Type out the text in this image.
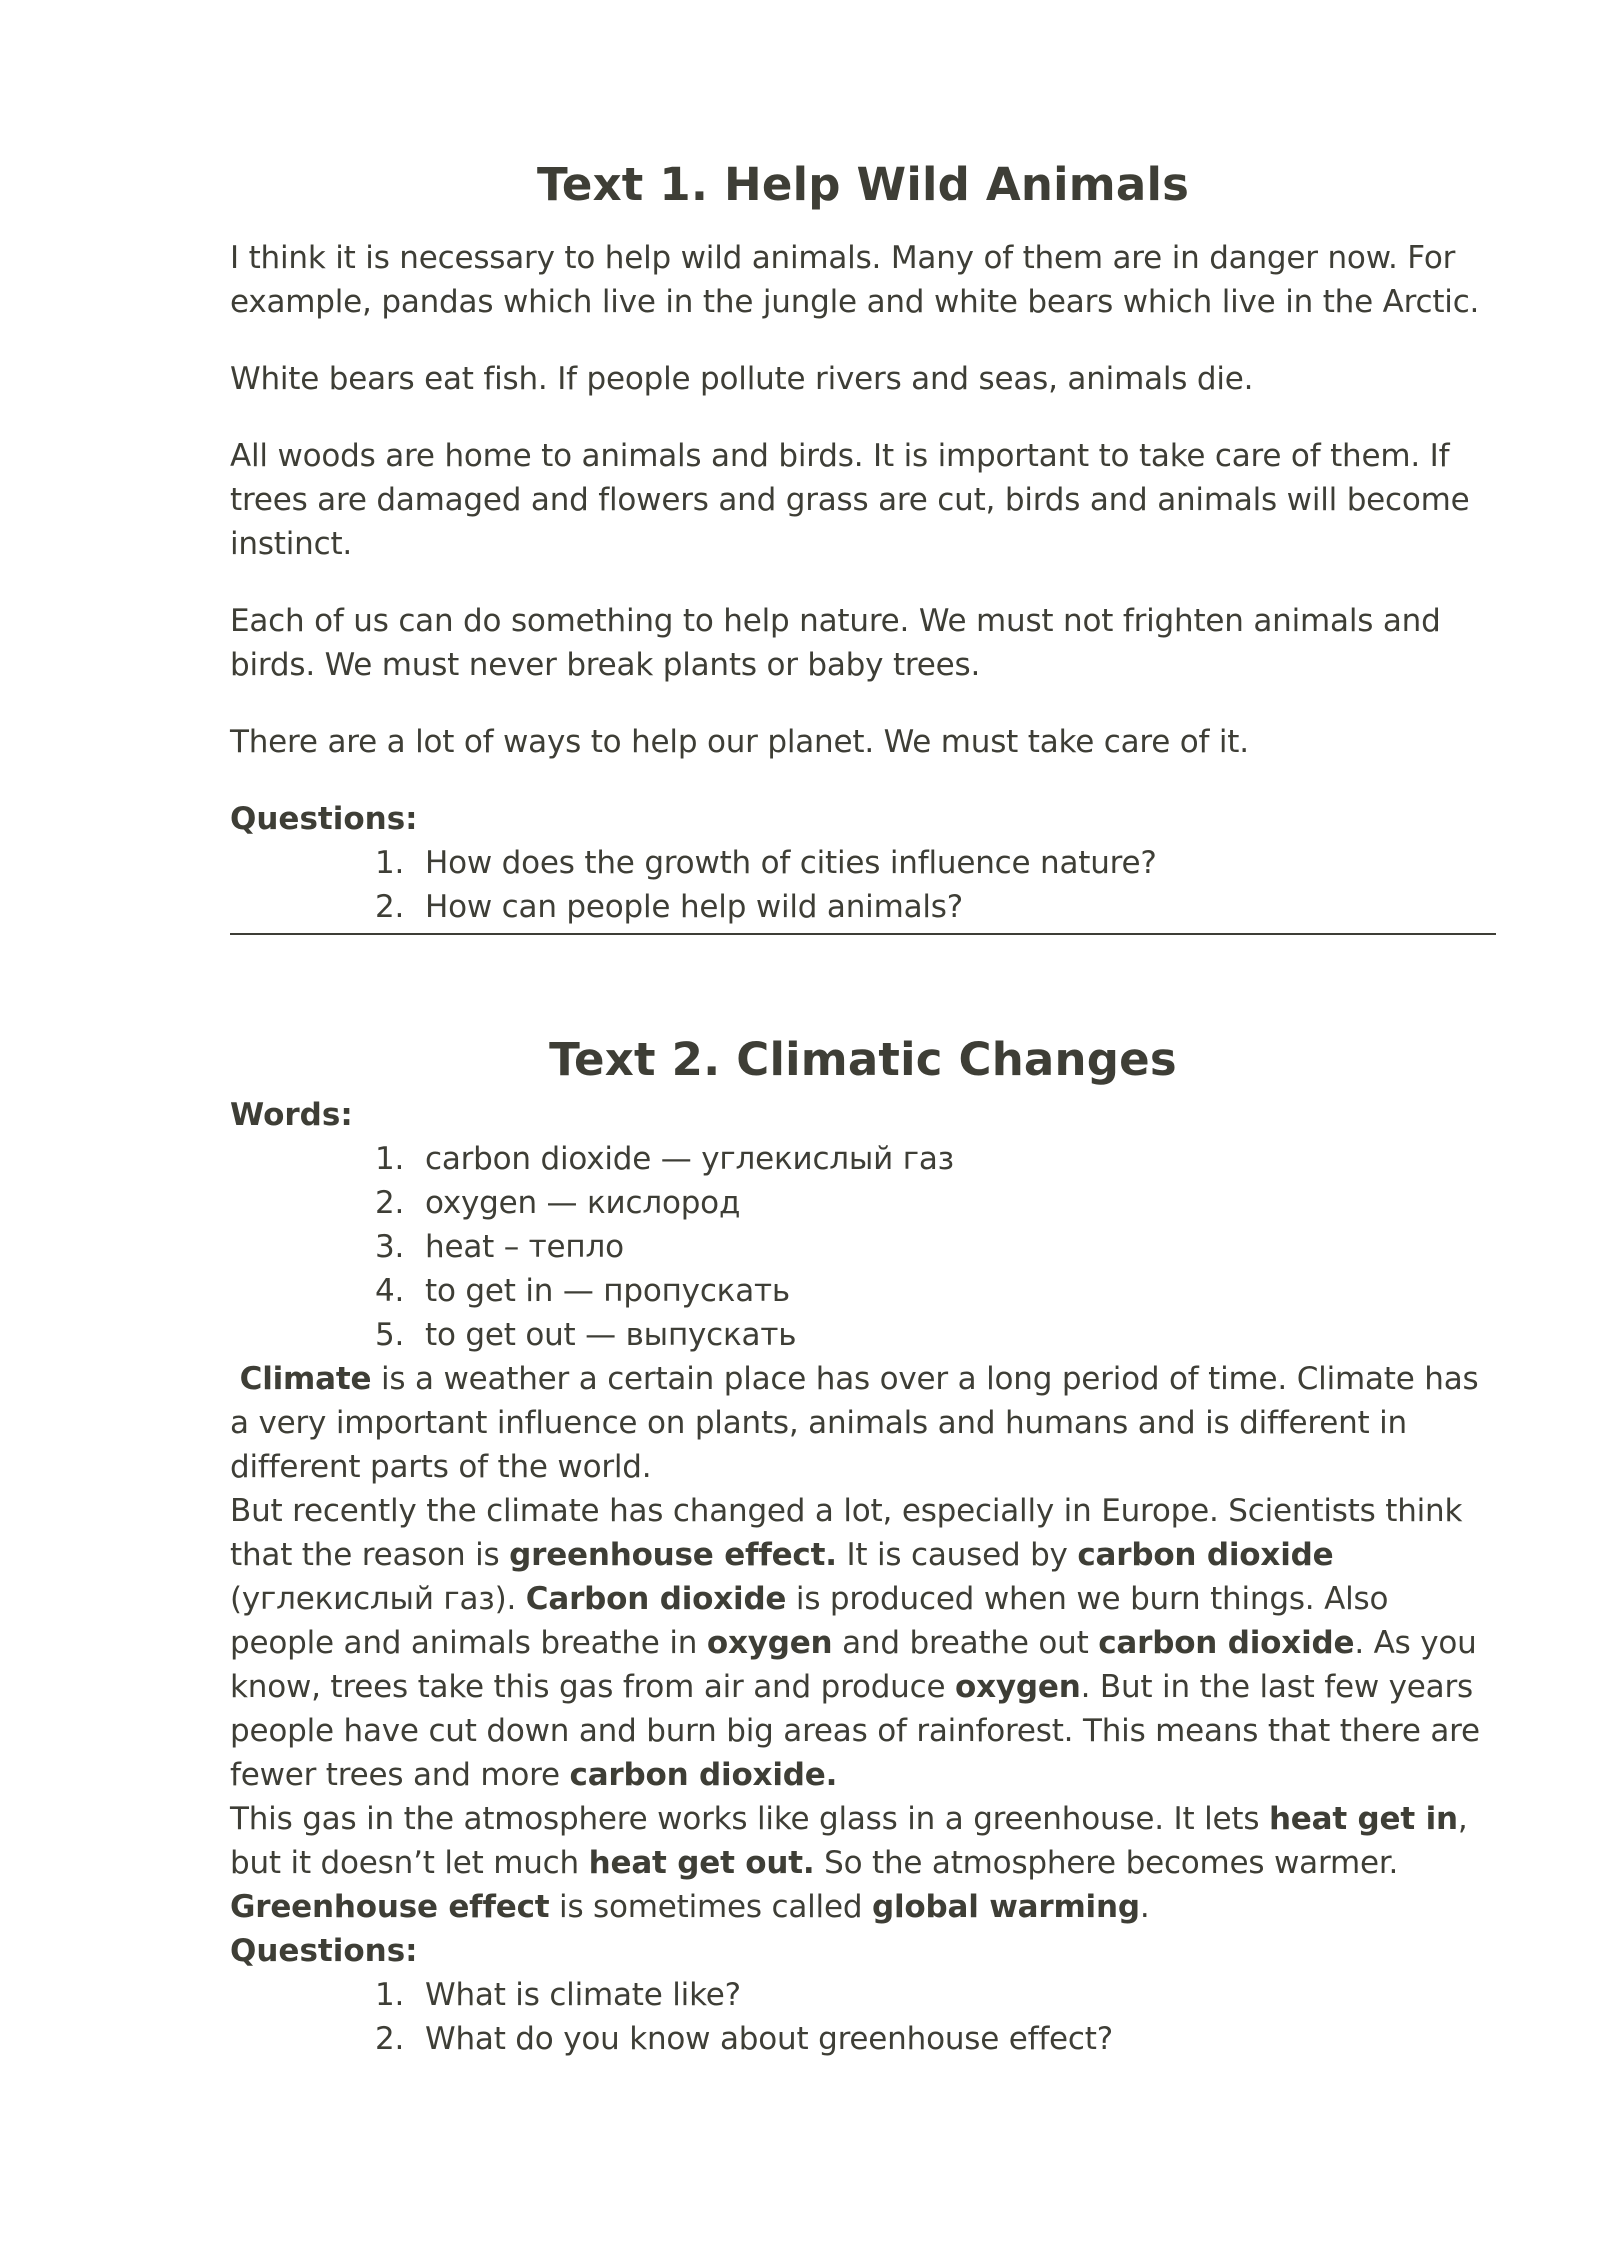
Text 1. Help Wild Animals

I think it is necessary to help wild animals. Many of them are in danger now. For example, pandas which live in the jungle and white bears which live in the Arctic.

White bears eat fish. If people pollute rivers and seas, animals die.

All woods are home to animals and birds. It is important to take care of them. If trees are damaged and flowers and grass are cut, birds and animals will become instinct.

Each of us can do something to help nature. We must not frighten animals and birds. We must never break plants or baby trees.

There are a lot of ways to help our planet. We must take care of it.

Questions:
1. How does the growth of cities influence nature?
2. How can people help wild animals?
Text 2. Climatic Changes
Words:
1. carbon dioxide — углекислый газ
2. oxygen — кислород
3. heat – тепло
4. to get in — пропускать
5. to get out — выпускать
Climate is a weather a certain place has over a long period of time. Climate has a very important influence on plants, animals and humans and is different in different parts of the world.
But recently the climate has changed a lot, especially in Europe. Scientists think that the reason is greenhouse effect. It is caused by carbon dioxide (углекислый газ). Carbon dioxide is produced when we burn things. Also people and animals breathe in oxygen and breathe out carbon dioxide. As you know, trees take this gas from air and produce oxygen. But in the last few years people have cut down and burn big areas of rainforest. This means that there are fewer trees and more carbon dioxide.
This gas in the atmosphere works like glass in a greenhouse. It lets heat get in, but it doesn’t let much heat get out. So the atmosphere becomes warmer. Greenhouse effect is sometimes called global warming.
Questions:
1. What is climate like?
2. What do you know about greenhouse effect?
